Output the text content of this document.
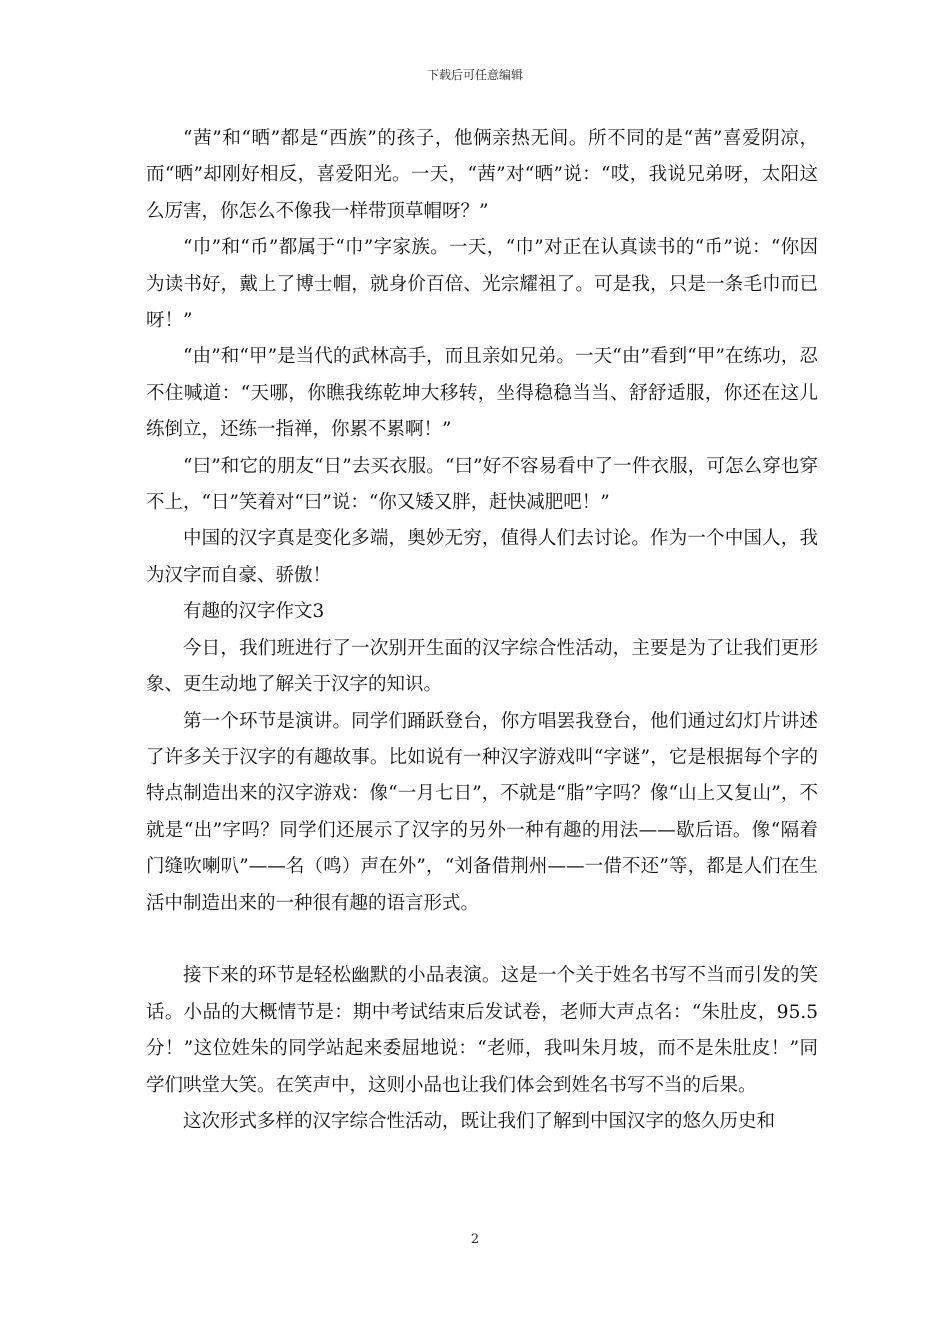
下载后可任意编辑

“茜”和“晒”都是“西族”的孩子，他俩亲热无间。所不同的是“茜”喜爱阴凉，而“晒”却刚好相反，喜爱阳光。一天，“茜”对“晒”说：“哎，我说兄弟呀，太阳这么厉害，你怎么不像我一样带顶草帽呀？”

“巾”和“币”都属于“巾”字家族。一天，“巾”对正在认真读书的“币”说：“你因为读书好，戴上了博士帽，就身价百倍、光宗耀祖了。可是我，只是一条毛巾而已呀！”

“由”和“甲”是当代的武林高手，而且亲如兄弟。一天“由”看到“甲”在练功，忍不住喊道：“天哪，你瞧我练乾坤大移转，坐得稳稳当当、舒舒适服，你还在这儿练倒立，还练一指禅，你累不累啊！”

“曰”和它的朋友“日”去买衣服。“曰”好不容易看中了一件衣服，可怎么穿也穿不上，“日”笑着对“曰”说：“你又矮又胖，赶快减肥吧！”

中国的汉字真是变化多端，奥妙无穷，值得人们去讨论。作为一个中国人，我为汉字而自豪、骄傲！

有趣的汉字作文3

今日，我们班进行了一次别开生面的汉字综合性活动，主要是为了让我们更形象、更生动地了解关于汉字的知识。

第一个环节是演讲。同学们踊跃登台，你方唱罢我登台，他们通过幻灯片讲述了许多关于汉字的有趣故事。比如说有一种汉字游戏叫“字谜”，它是根据每个字的特点制造出来的汉字游戏：像“一月七日”，不就是“脂”字吗？像“山上又复山”，不就是“出”字吗？同学们还展示了汉字的另外一种有趣的用法——歇后语。像“隔着门缝吹喇叭”——名（鸣）声在外”，“刘备借荆州——一借不还”等，都是人们在生活中制造出来的一种很有趣的语言形式。

接下来的环节是轻松幽默的小品表演。这是一个关于姓名书写不当而引发的笑话。小品的大概情节是：期中考试结束后发试卷，老师大声点名：“朱肚皮，95.5分！”这位姓朱的同学站起来委屈地说：“老师，我叫朱月坡，而不是朱肚皮！”同学们哄堂大笑。在笑声中，这则小品也让我们体会到姓名书写不当的后果。

这次形式多样的汉字综合性活动，既让我们了解到中国汉字的悠久历史和

2
